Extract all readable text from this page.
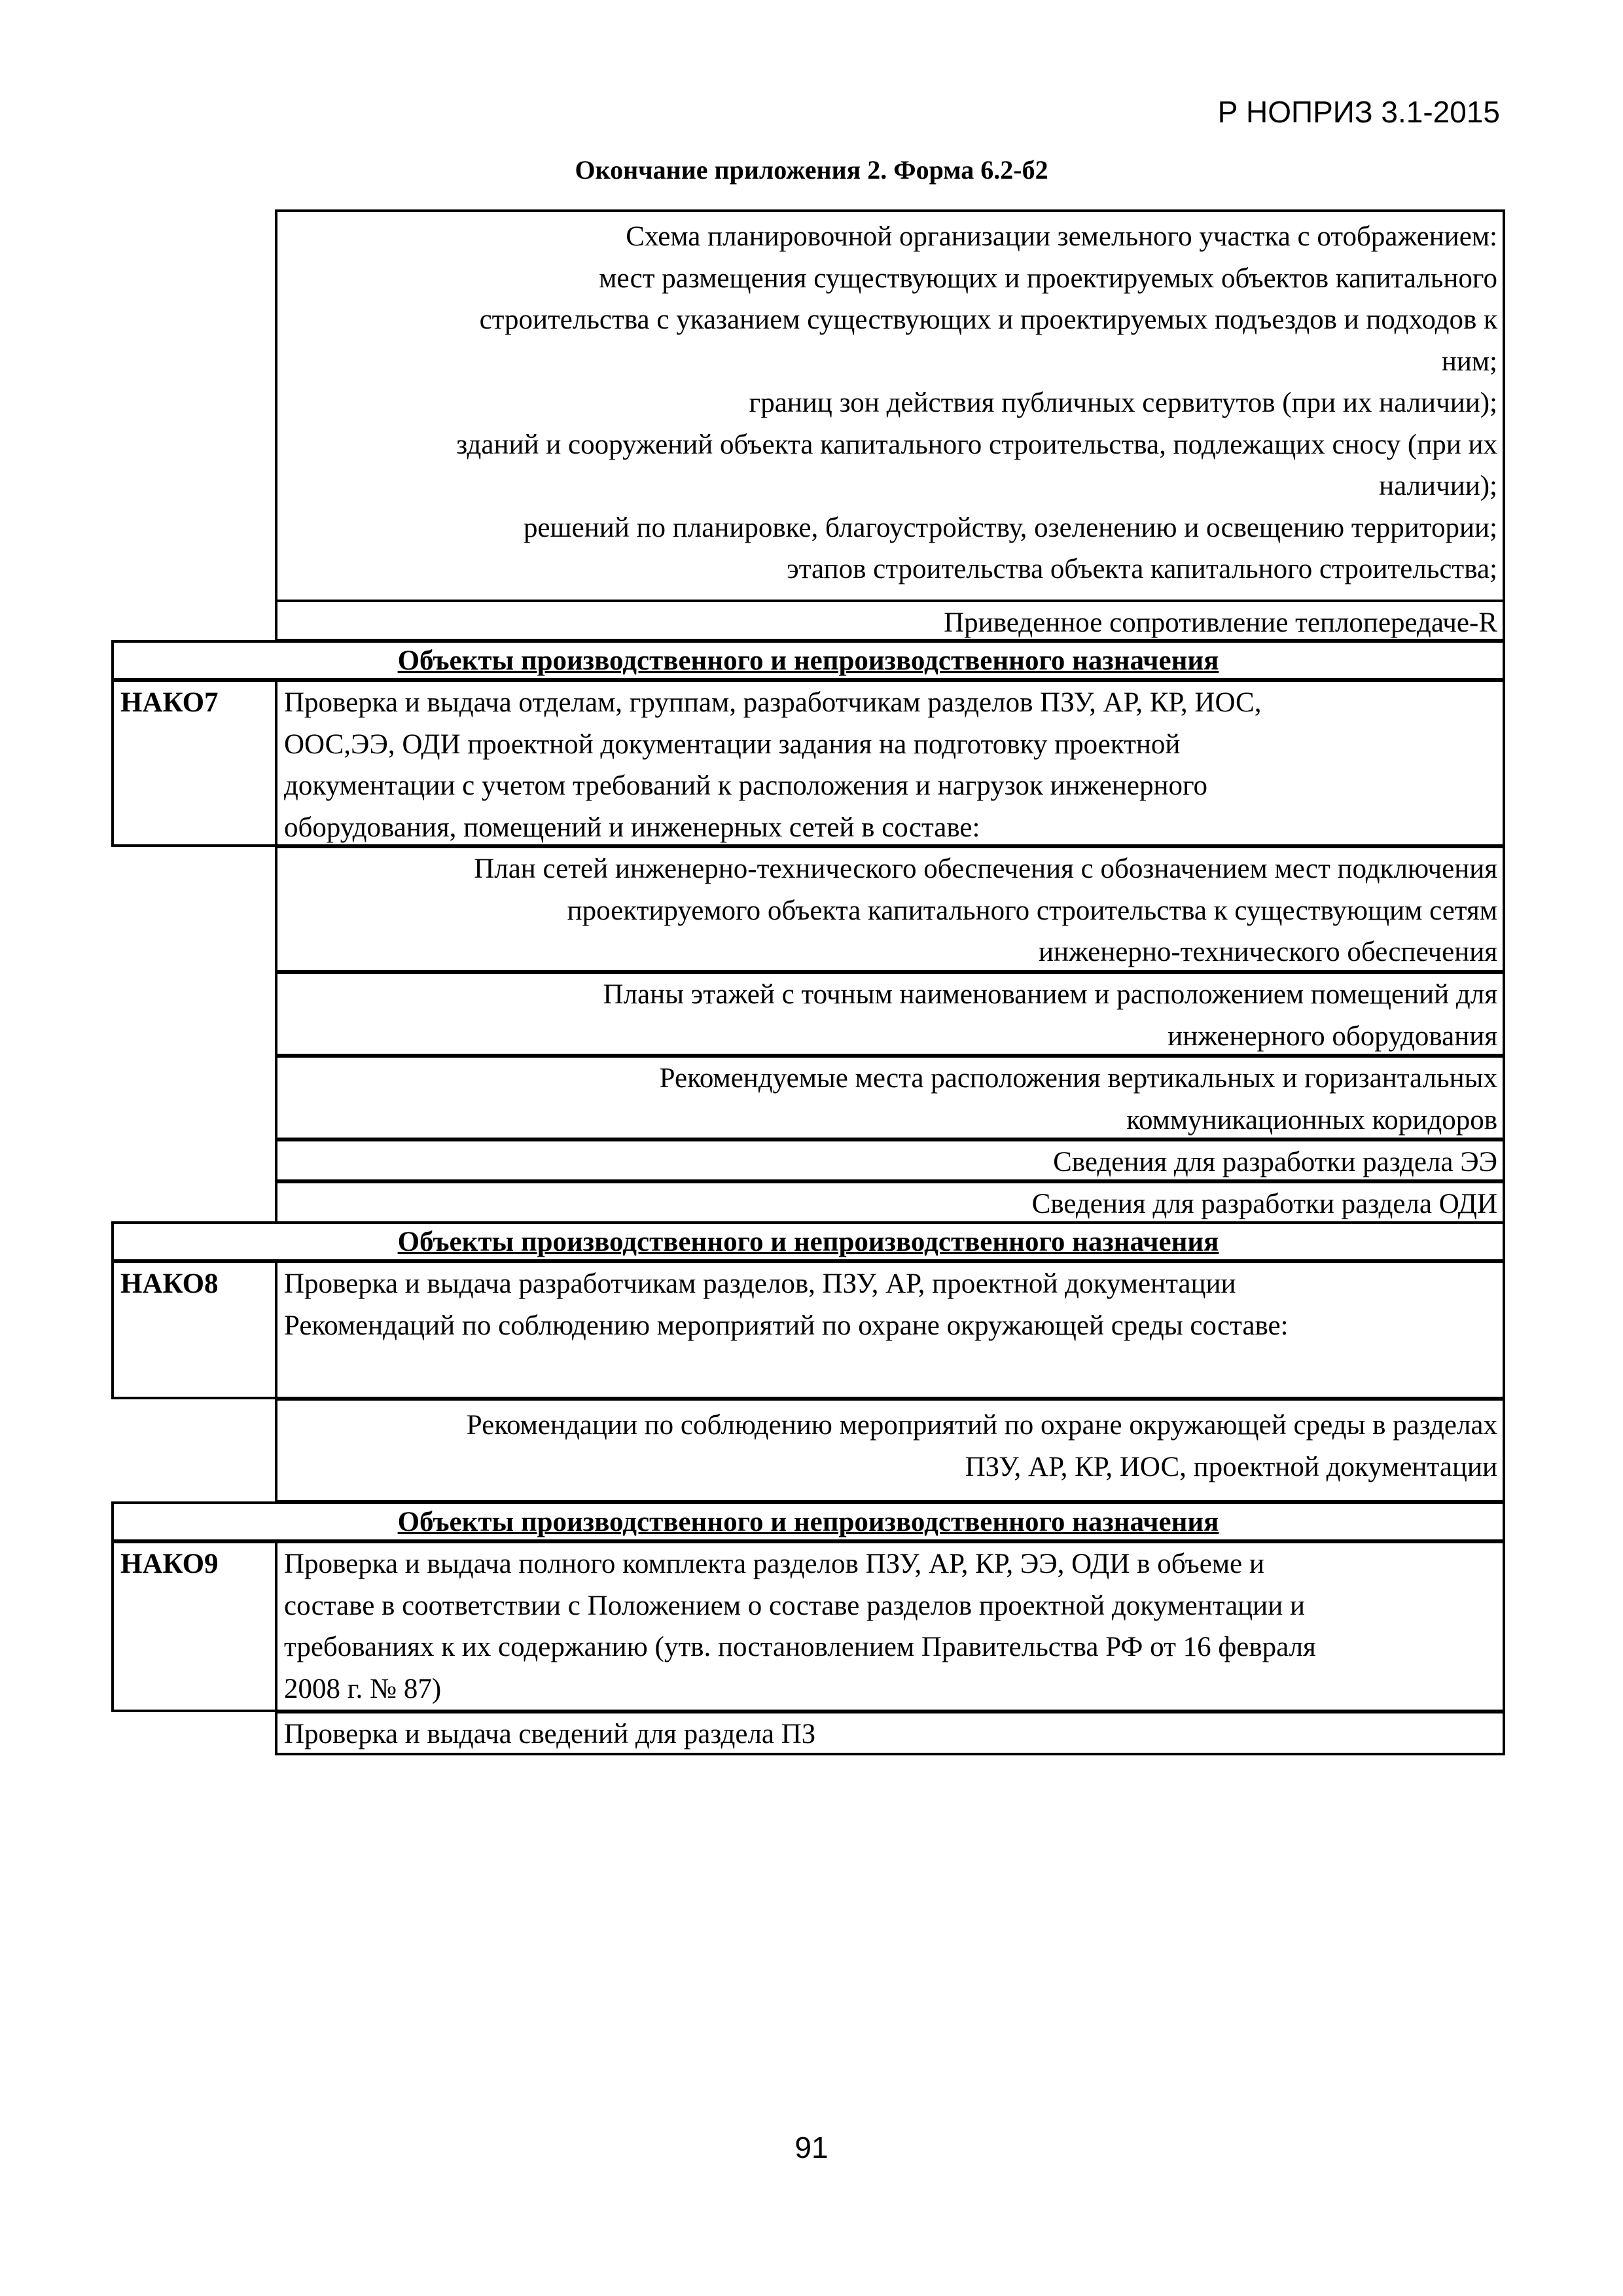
Р НОПРИЗ 3.1-2015
Окончание приложения 2. Форма 6.2-б2
Схема планировочной организации земельного участка с отображением:
мест размещения существующих и проектируемых объектов капитального
строительства с указанием существующих и проектируемых подъездов и подходов к
ним;
границ зон действия публичных сервитутов (при их наличии);
зданий и сооружений объекта капитального строительства, подлежащих сносу (при их
наличии);
решений по планировке, благоустройству, озеленению и освещению территории;
этапов строительства объекта капитального строительства;
Приведенное сопротивление теплопередаче-R
Объекты производственного и непроизводственного назначения
НАКО7	Проверка и выдача отделам, группам, разработчикам разделов ПЗУ, АР, КР, ИОС,
ООС,ЭЭ, ОДИ проектной документации задания на подготовку проектной
документации с учетом требований к расположения и нагрузок инженерного
оборудования, помещений и инженерных сетей в составе:
План сетей инженерно-технического обеспечения с обозначением мест подключения
проектируемого объекта капитального строительства к существующим сетям
инженерно-технического обеспечения
Планы этажей с точным наименованием и расположением помещений для
инженерного оборудования
Рекомендуемые места расположения вертикальных и горизантальных
коммуникационных коридоров
Сведения для разработки раздела ЭЭ
Сведения для разработки раздела ОДИ
Объекты производственного и непроизводственного назначения
НАКО8	Проверка и выдача разработчикам разделов, ПЗУ, АР, проектной документации
Рекомендаций по соблюдению мероприятий по охране окружающей среды составе:
Рекомендации по соблюдению мероприятий по охране окружающей среды в разделах
ПЗУ, АР, КР, ИОС, проектной документации
Объекты производственного и непроизводственного назначения
НАКО9	Проверка и выдача полного комплекта разделов ПЗУ, АР, КР, ЭЭ, ОДИ в объеме и
составе в соответствии с Положением о составе разделов проектной документации и
требованиях к их содержанию (утв. постановлением Правительства РФ от 16 февраля
2008 г. № 87)
Проверка и выдача сведений для раздела ПЗ
91
